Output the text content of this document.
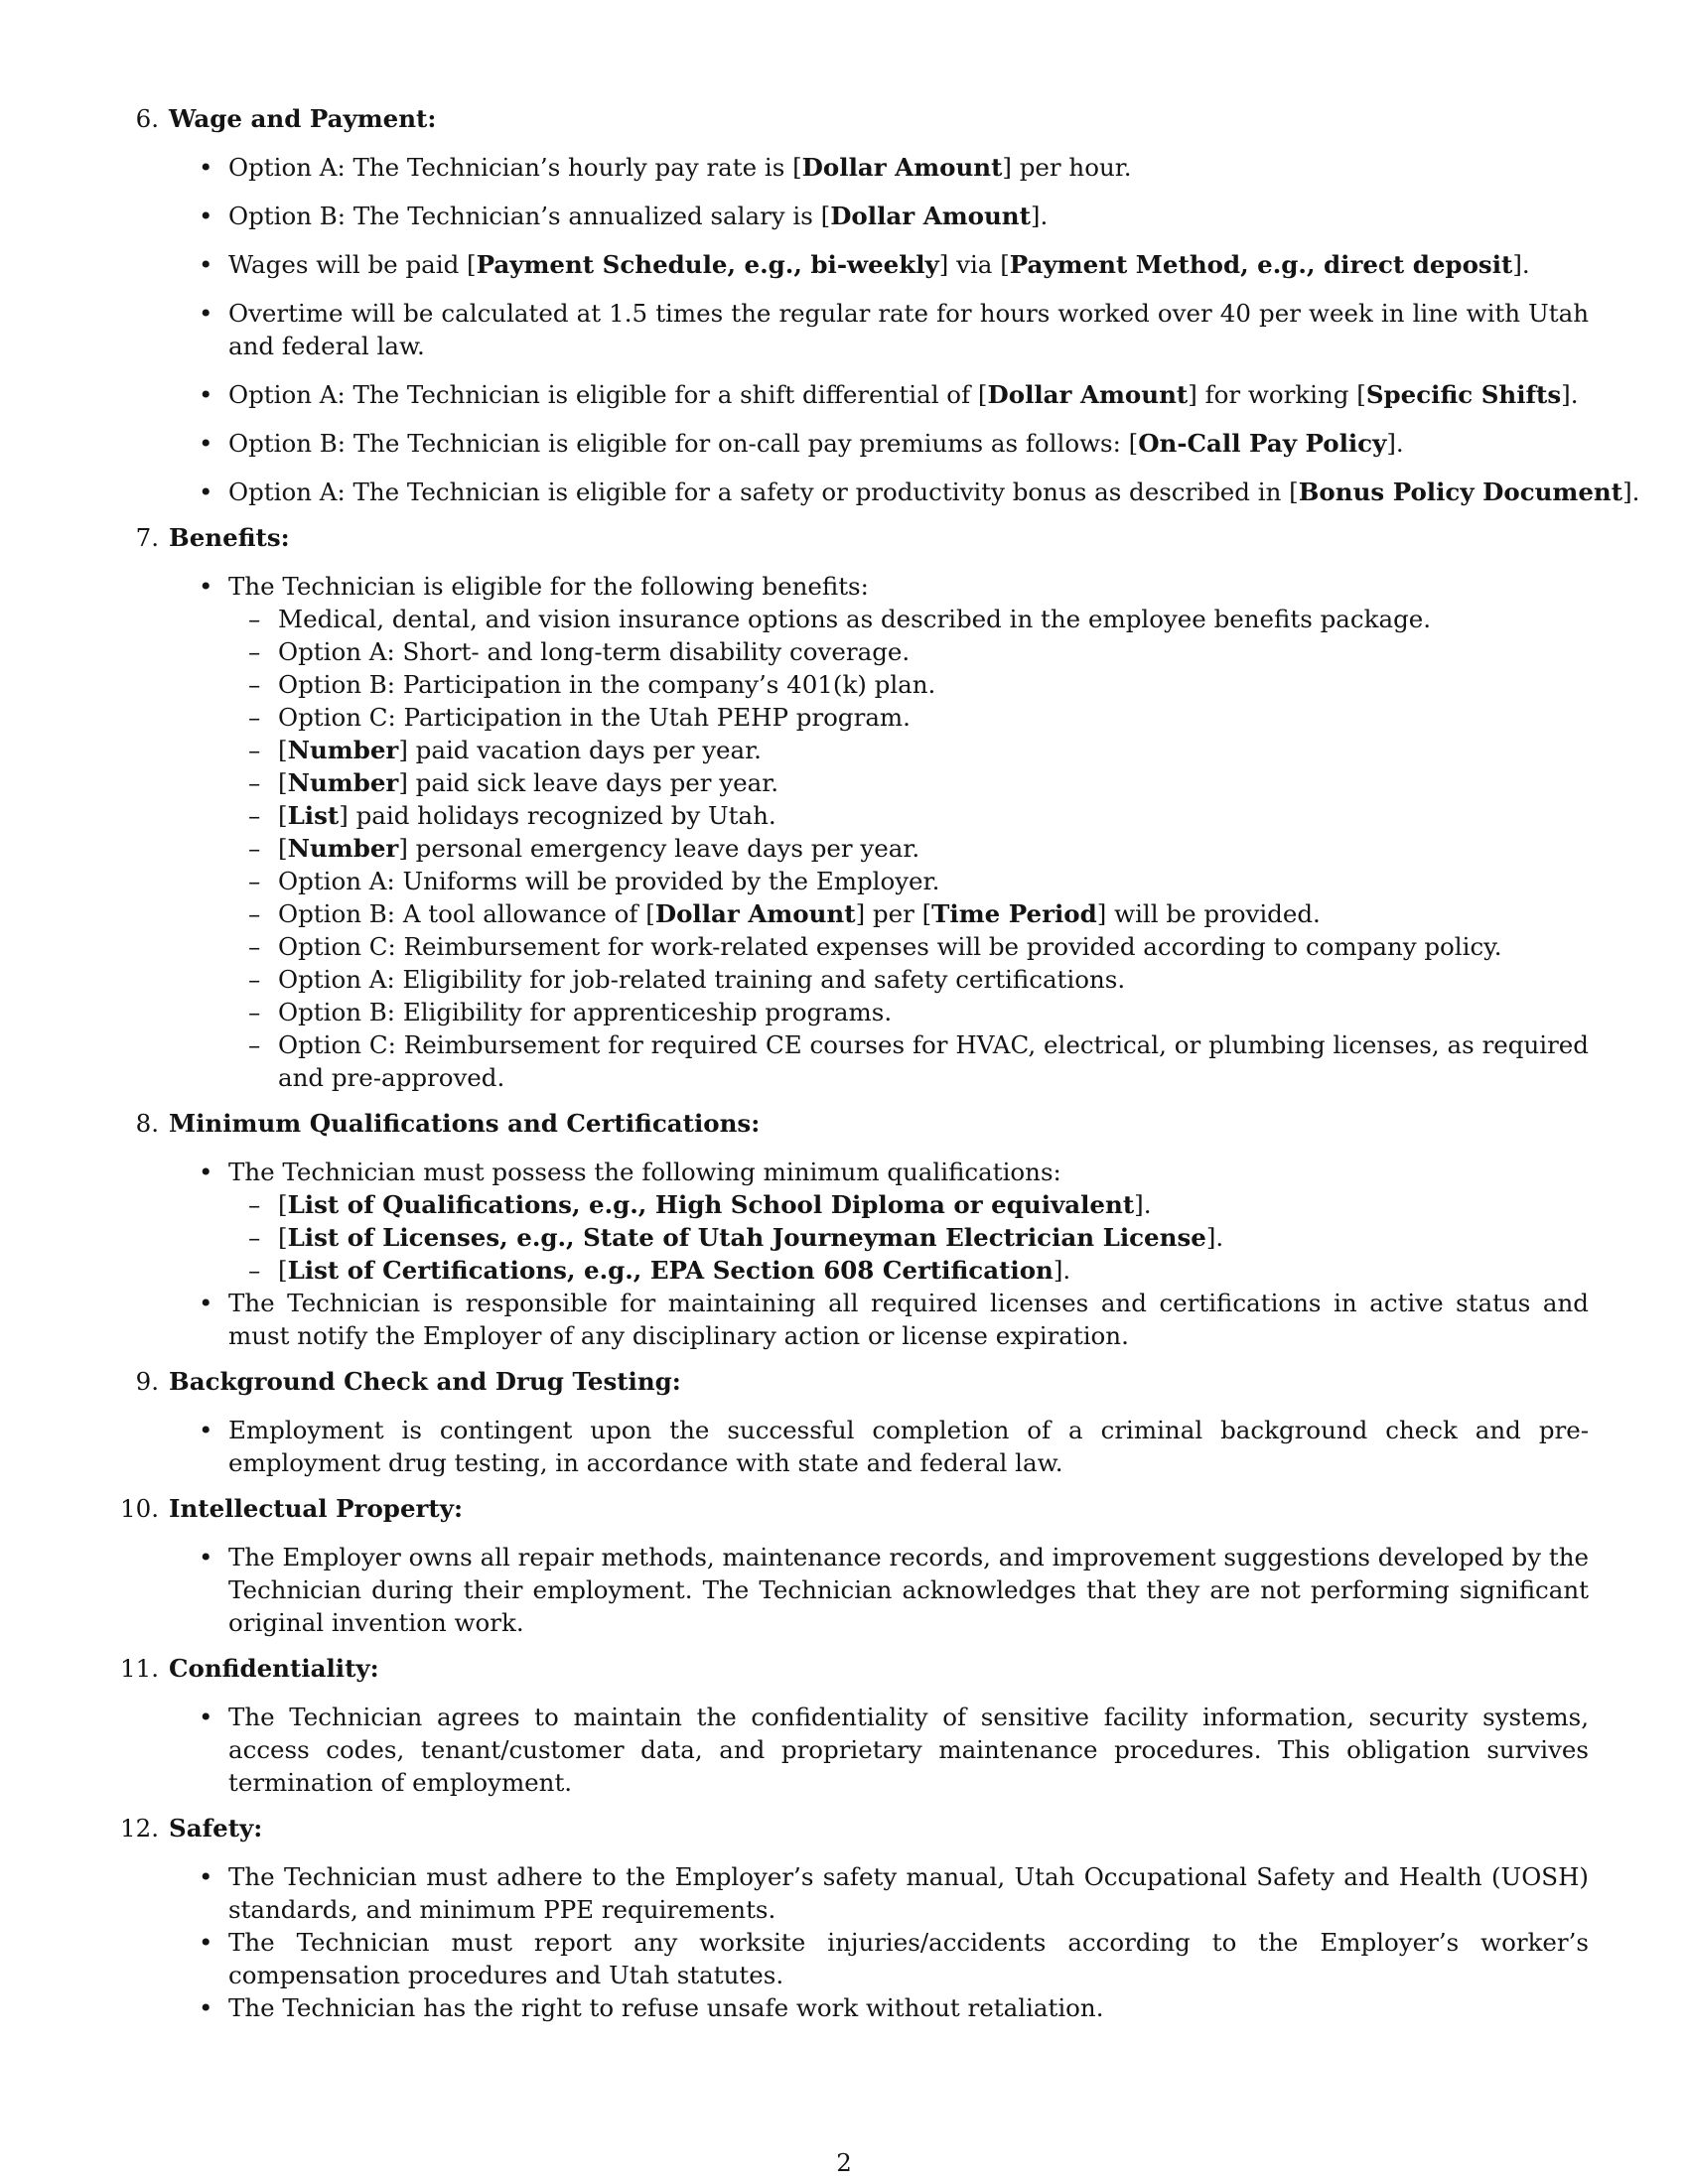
6. Wage and Payment:
• Option A: The Technician’s hourly pay rate is [Dollar Amount] per hour.
• Option B: The Technician’s annualized salary is [Dollar Amount].
• Wages will be paid [Payment Schedule, e.g., bi-weekly] via [Payment Method, e.g., direct deposit].
• Overtime will be calculated at 1.5 times the regular rate for hours worked over 40 per week in line with Utah and federal law.
• Option A: The Technician is eligible for a shift differential of [Dollar Amount] for working [Specific Shifts].
• Option B: The Technician is eligible for on-call pay premiums as follows: [On-Call Pay Policy].
• Option A: The Technician is eligible for a safety or productivity bonus as described in [Bonus Policy Document].
7. Benefits:
• The Technician is eligible for the following benefits:
– Medical, dental, and vision insurance options as described in the employee benefits package.
– Option A: Short- and long-term disability coverage.
– Option B: Participation in the company’s 401(k) plan.
– Option C: Participation in the Utah PEHP program.
– [Number] paid vacation days per year.
– [Number] paid sick leave days per year.
– [List] paid holidays recognized by Utah.
– [Number] personal emergency leave days per year.
– Option A: Uniforms will be provided by the Employer.
– Option B: A tool allowance of [Dollar Amount] per [Time Period] will be provided.
– Option C: Reimbursement for work-related expenses will be provided according to company policy.
– Option A: Eligibility for job-related training and safety certifications.
– Option B: Eligibility for apprenticeship programs.
– Option C: Reimbursement for required CE courses for HVAC, electrical, or plumbing licenses, as required and pre-approved.
8. Minimum Qualifications and Certifications:
• The Technician must possess the following minimum qualifications:
– [List of Qualifications, e.g., High School Diploma or equivalent].
– [List of Licenses, e.g., State of Utah Journeyman Electrician License].
– [List of Certifications, e.g., EPA Section 608 Certification].
• The Technician is responsible for maintaining all required licenses and certifications in active status and must notify the Employer of any disciplinary action or license expiration.
9. Background Check and Drug Testing:
• Employment is contingent upon the successful completion of a criminal background check and pre-employment drug testing, in accordance with state and federal law.
10. Intellectual Property:
• The Employer owns all repair methods, maintenance records, and improvement suggestions developed by the Technician during their employment. The Technician acknowledges that they are not performing significant original invention work.
11. Confidentiality:
• The Technician agrees to maintain the confidentiality of sensitive facility information, security systems, access codes, tenant/customer data, and proprietary maintenance procedures. This obligation survives termination of employment.
12. Safety:
• The Technician must adhere to the Employer’s safety manual, Utah Occupational Safety and Health (UOSH) standards, and minimum PPE requirements.
• The Technician must report any worksite injuries/accidents according to the Employer’s worker’s compensation procedures and Utah statutes.
• The Technician has the right to refuse unsafe work without retaliation.
2
